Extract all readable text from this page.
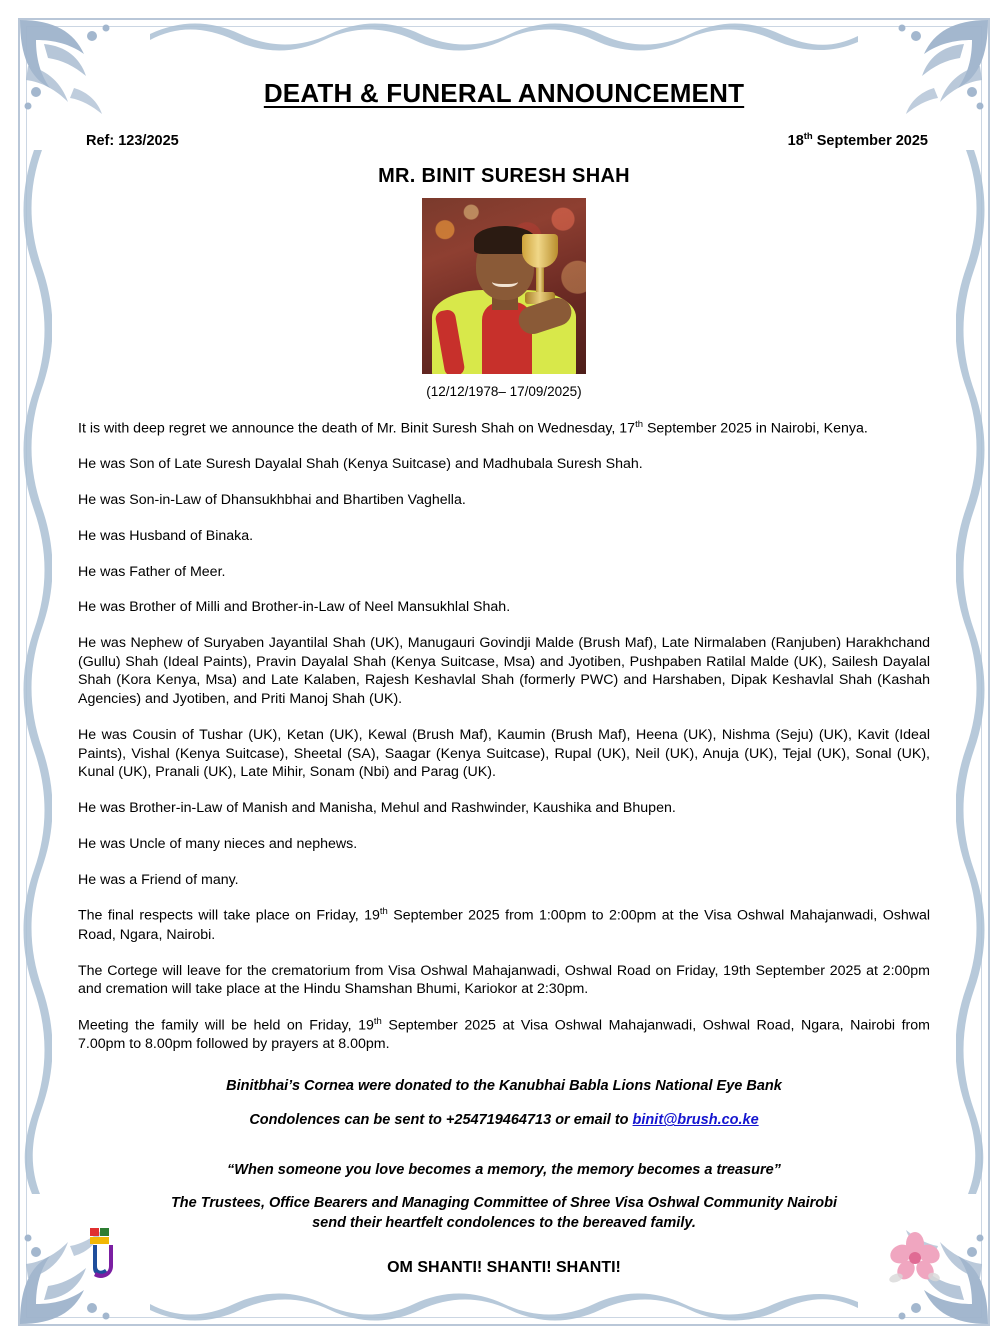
DEATH & FUNERAL ANNOUNCEMENT
Ref: 123/2025	18th September 2025
MR. BINIT SURESH SHAH
(12/12/1978– 17/09/2025)

It is with deep regret we announce the death of Mr. Binit Suresh Shah on Wednesday, 17th September 2025 in Nairobi, Kenya.

He was Son of Late Suresh Dayalal Shah (Kenya Suitcase) and Madhubala Suresh Shah.

He was Son-in-Law of Dhansukhbhai and Bhartiben Vaghella.

He was Husband of Binaka.

He was Father of Meer.

He was Brother of Milli and Brother-in-Law of Neel Mansukhlal Shah.

He was Nephew of Suryaben Jayantilal Shah (UK), Manugauri Govindji Malde (Brush Maf), Late Nirmalaben (Ranjuben) Harakhchand (Gullu) Shah (Ideal Paints), Pravin Dayalal Shah (Kenya Suitcase, Msa) and Jyotiben, Pushpaben Ratilal Malde (UK), Sailesh Dayalal Shah (Kora Kenya, Msa) and Late Kalaben, Rajesh Keshavlal Shah (formerly PWC) and Harshaben, Dipak Keshavlal Shah (Kashah Agencies) and Jyotiben, and Priti Manoj Shah (UK).

He was Cousin of Tushar (UK), Ketan (UK), Kewal (Brush Maf), Kaumin (Brush Maf), Heena (UK), Nishma (Seju) (UK), Kavit (Ideal Paints), Vishal (Kenya Suitcase), Sheetal (SA), Saagar (Kenya Suitcase), Rupal (UK), Neil (UK), Anuja (UK), Tejal (UK), Sonal (UK), Kunal (UK), Pranali (UK), Late Mihir, Sonam (Nbi) and Parag (UK).

He was Brother-in-Law of Manish and Manisha, Mehul and Rashwinder, Kaushika and Bhupen.

He was Uncle of many nieces and nephews.

He was a Friend of many.

The final respects will take place on Friday, 19th September 2025 from 1:00pm to 2:00pm at the Visa Oshwal Mahajanwadi, Oshwal Road, Ngara, Nairobi.

The Cortege will leave for the crematorium from Visa Oshwal Mahajanwadi, Oshwal Road on Friday, 19th September 2025 at 2:00pm and cremation will take place at the Hindu Shamshan Bhumi, Kariokor at 2:30pm.

Meeting the family will be held on Friday, 19th September 2025 at Visa Oshwal Mahajanwadi, Oshwal Road, Ngara, Nairobi from 7.00pm to 8.00pm followed by prayers at 8.00pm.

Binitbhai’s Cornea were donated to the Kanubhai Babla Lions National Eye Bank
Condolences can be sent to +254719464713 or email to binit@brush.co.ke
“When someone you love becomes a memory, the memory becomes a treasure”
The Trustees, Office Bearers and Managing Committee of Shree Visa Oshwal Community Nairobi
send their heartfelt condolences to the bereaved family.
OM SHANTI! SHANTI! SHANTI!
